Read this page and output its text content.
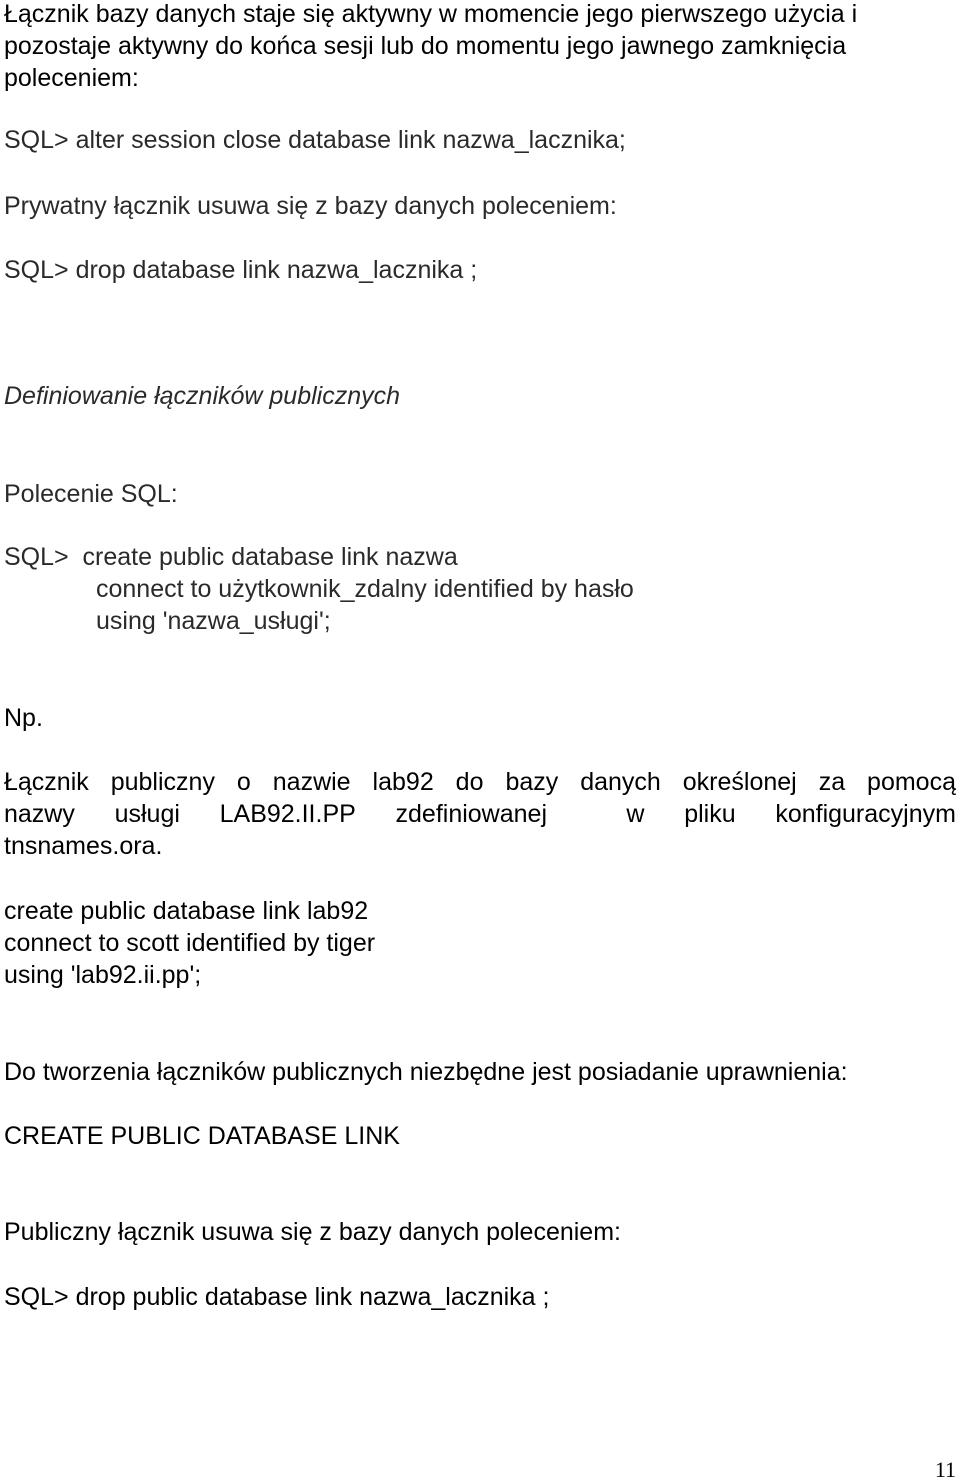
Łącznik bazy danych staje się aktywny w momencie jego pierwszego użycia i
pozostaje aktywny do końca sesji lub do momentu jego jawnego zamknięcia
poleceniem:
SQL> alter session close database link nazwa_lacznika;
Prywatny łącznik usuwa się z bazy danych poleceniem:
SQL> drop database link nazwa_lacznika ;
Definiowanie łączników publicznych
Polecenie SQL:
SQL>  create public database link nazwa
connect to użytkownik_zdalny identified by hasło
using 'nazwa_usługi';
Np.
Łącznik publiczny o nazwie lab92 do bazy danych określonej za pomocą
nazwy usługi LAB92.II.PP zdefiniowanej	w pliku konfiguracyjnym
tnsnames.ora.
create public database link lab92
connect to scott identified by tiger
using 'lab92.ii.pp';
Do tworzenia łączników publicznych niezbędne jest posiadanie uprawnienia:
CREATE PUBLIC DATABASE LINK
Publiczny łącznik usuwa się z bazy danych poleceniem:
SQL> drop public database link nazwa_lacznika ;
11
